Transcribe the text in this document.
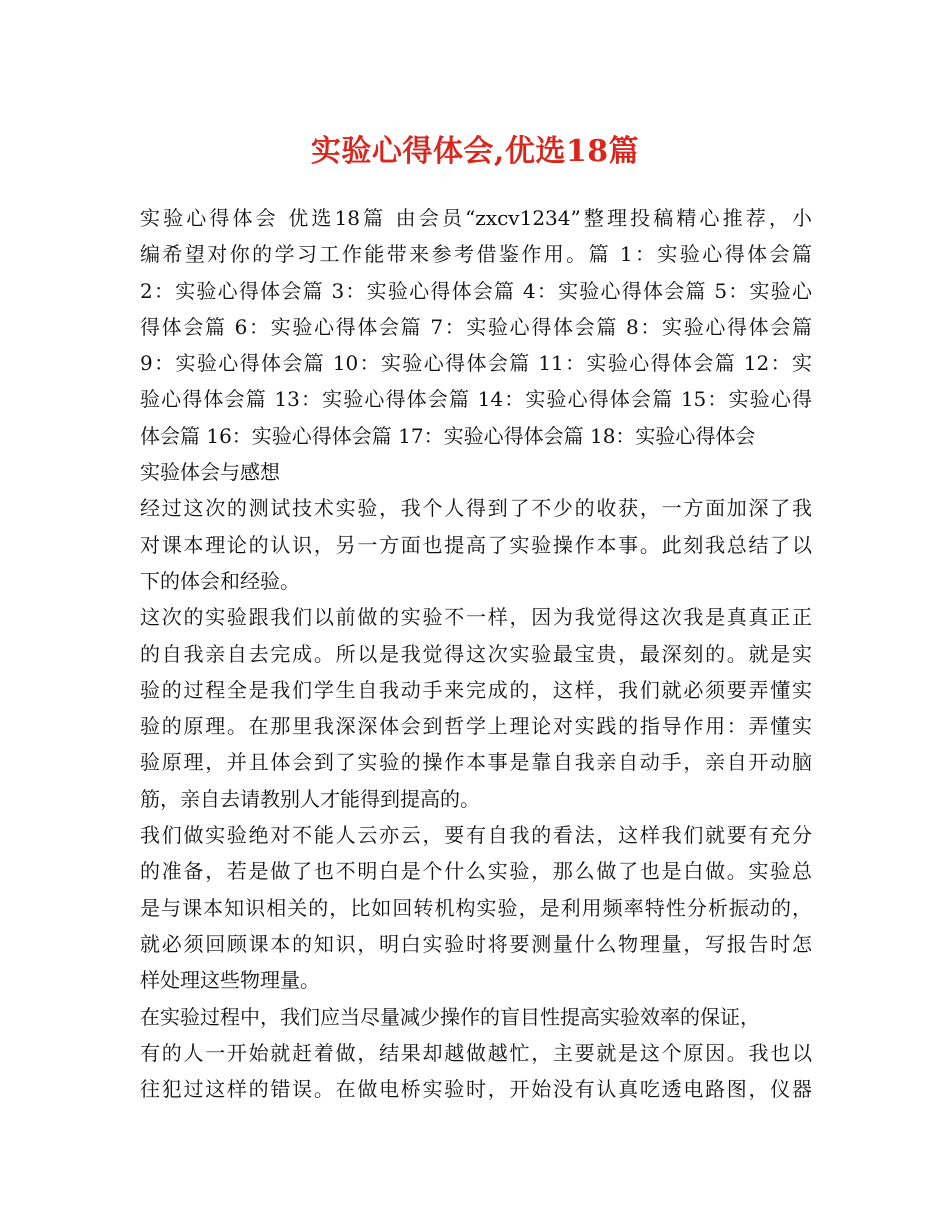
实验心得体会,优选18篇
实验心得体会 优选18篇 由会员“zxcv1234”整理投稿精心推荐，小
编希望对你的学习工作能带来参考借鉴作用。篇 1：实验心得体会篇
2：实验心得体会篇 3：实验心得体会篇 4：实验心得体会篇 5：实验心
得体会篇 6：实验心得体会篇 7：实验心得体会篇 8：实验心得体会篇
9：实验心得体会篇 10：实验心得体会篇 11：实验心得体会篇 12：实
验心得体会篇 13：实验心得体会篇 14：实验心得体会篇 15：实验心得
体会篇 16：实验心得体会篇 17：实验心得体会篇 18：实验心得体会
实验体会与感想
经过这次的测试技术实验，我个人得到了不少的收获，一方面加深了我
对课本理论的认识，另一方面也提高了实验操作本事。此刻我总结了以
下的体会和经验。
这次的实验跟我们以前做的实验不一样，因为我觉得这次我是真真正正
的自我亲自去完成。所以是我觉得这次实验最宝贵，最深刻的。就是实
验的过程全是我们学生自我动手来完成的，这样，我们就必须要弄懂实
验的原理。在那里我深深体会到哲学上理论对实践的指导作用：弄懂实
验原理，并且体会到了实验的操作本事是靠自我亲自动手，亲自开动脑
筋，亲自去请教别人才能得到提高的。
我们做实验绝对不能人云亦云，要有自我的看法，这样我们就要有充分
的准备，若是做了也不明白是个什么实验，那么做了也是白做。实验总
是与课本知识相关的，比如回转机构实验，是利用频率特性分析振动的，
就必须回顾课本的知识，明白实验时将要测量什么物理量，写报告时怎
样处理这些物理量。
在实验过程中，我们应当尽量减少操作的盲目性提高实验效率的保证，
有的人一开始就赶着做，结果却越做越忙，主要就是这个原因。我也以
往犯过这样的错误。在做电桥实验时，开始没有认真吃透电路图，仪器
